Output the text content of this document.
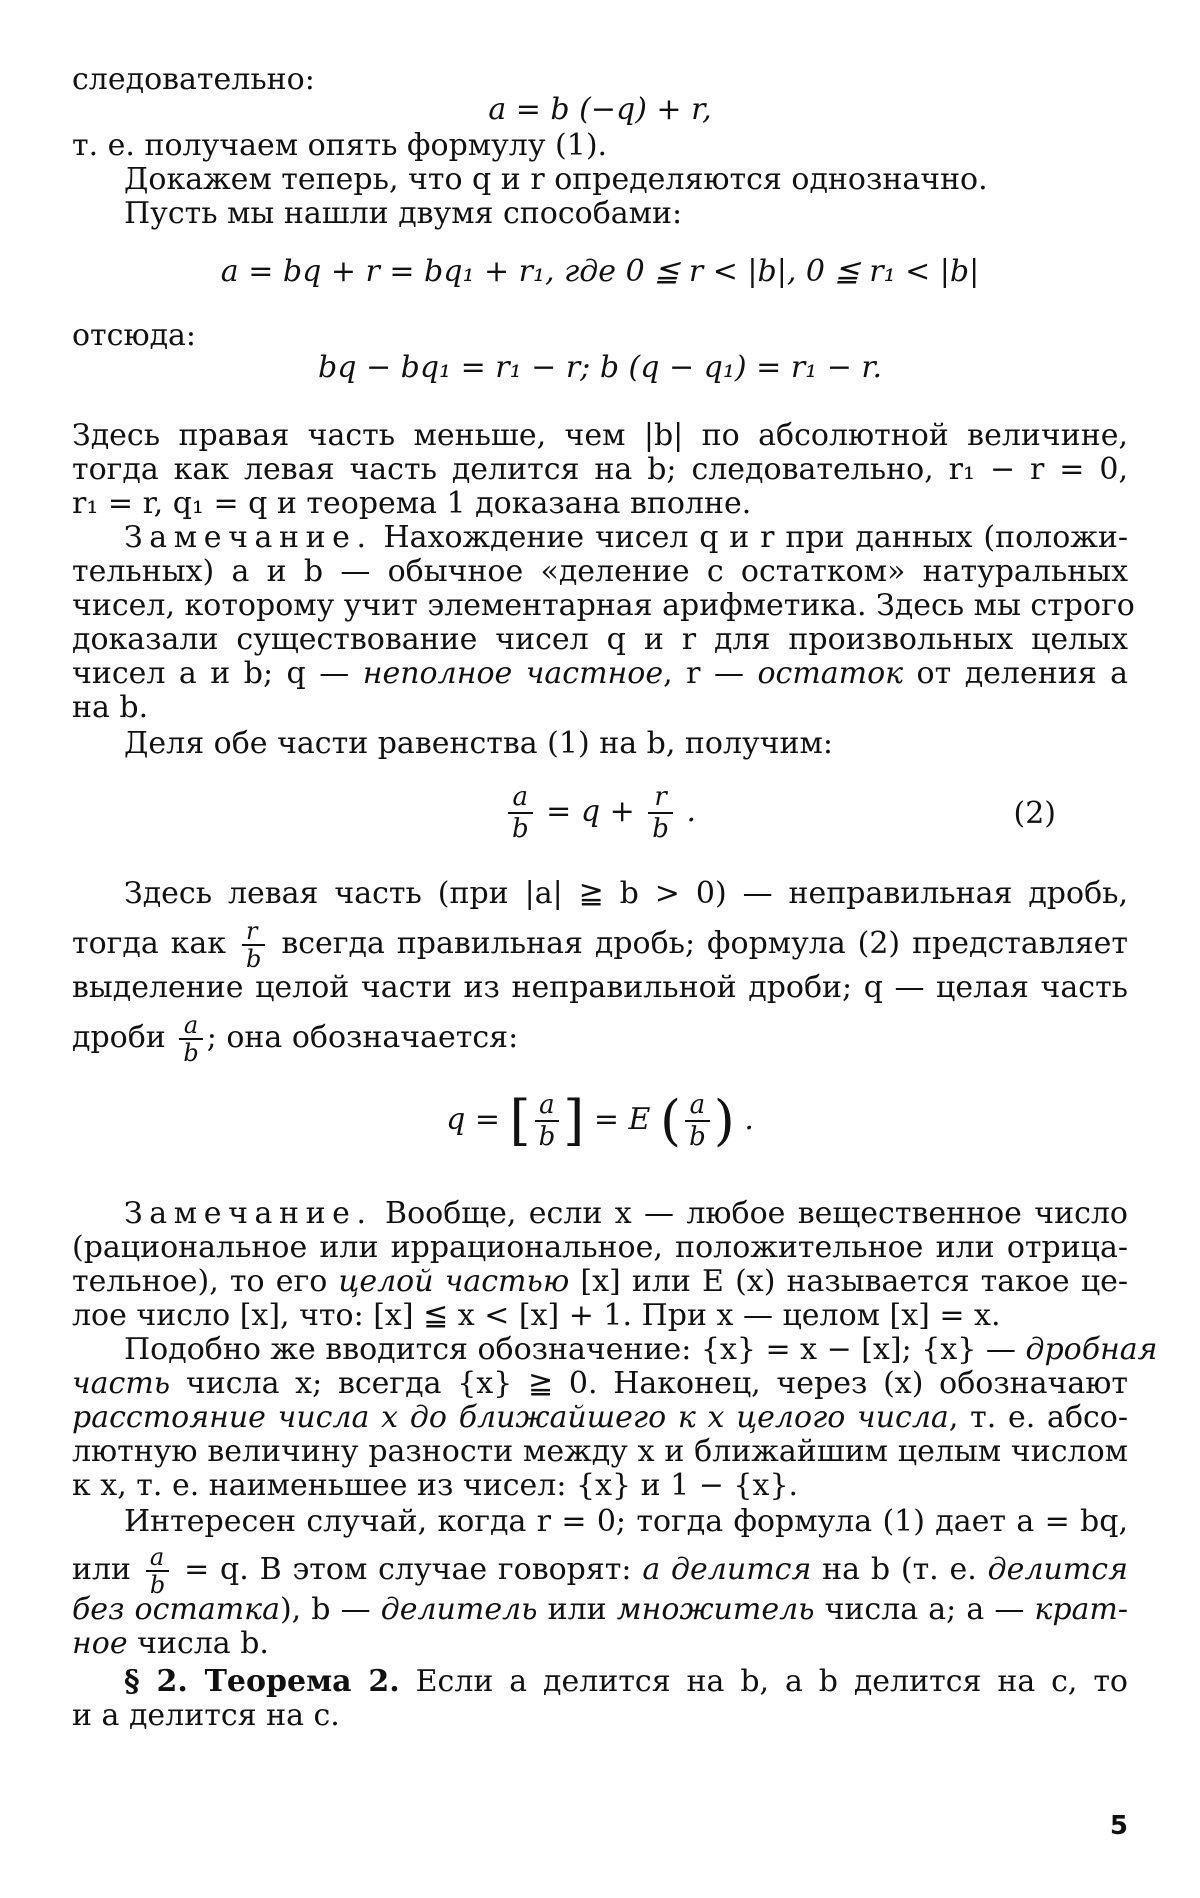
следовательно:
a = b (−q) + r,
т. е. получаем опять формулу (1).
Докажем теперь, что q и r определяются однозначно.
Пусть мы нашли двумя способами:
a = bq + r = bq₁ + r₁, где 0 ≦ r < |b|, 0 ≦ r₁ < |b|
отсюда:
bq − bq₁ = r₁ − r; b (q − q₁) = r₁ − r.
Здесь правая часть меньше, чем |b| по абсолютной величине,
тогда как левая часть делится на b; следовательно, r₁ − r = 0,
r₁ = r, q₁ = q и теорема 1 доказана вполне.
Замечание. Нахождение чисел q и r при данных (положи-
тельных) a и b — обычное «деление с остатком» натуральных
чисел, которому учит элементарная арифметика. Здесь мы строго
доказали существование чисел q и r для произвольных целых
чисел a и b; q — неполное частное, r — остаток от деления a
на b.
Деля обе части равенства (1) на b, получим:
$\frac{a}{b} = q + \frac{r}{b}$ .	(2)
Здесь левая часть (при |a| ≧ b > 0) — неправильная дробь,
тогда как $\frac{r}{b}$ всегда правильная дробь; формула (2) представляет
выделение целой части из неправильной дроби; q — целая часть
дроби $\frac{a}{b}$ ; она обозначается:
q = [ $\frac{a}{b}$ ] = E ( $\frac{a}{b}$ ) .
Замечание. Вообще, если x — любое вещественное число
(рациональное или иррациональное, положительное или отрица-
тельное), то его целой частью [x] или E (x) называется такое це-
лое число [x], что: [x] ≦ x < [x] + 1. При x — целом [x] = x.
Подобно же вводится обозначение: {x} = x − [x]; {x} — дробная
часть числа x; всегда {x} ≧ 0. Наконец, через (x) обозначают
расстояние числа x до ближайшего к x целого числа, т. е. абсо-
лютную величину разности между x и ближайшим целым числом
к x, т. е. наименьшее из чисел: {x} и 1 − {x}.
Интересен случай, когда r = 0; тогда формула (1) дает a = bq,
или $\frac{a}{b} = q$. В этом случае говорят: a делится на b (т. е. делится
без остатка), b — делитель или множитель числа a; a — крат-
ное числа b.
§ 2. Теорема 2. Если a делится на b, а b делится на c, то
и a делится на c.
5
